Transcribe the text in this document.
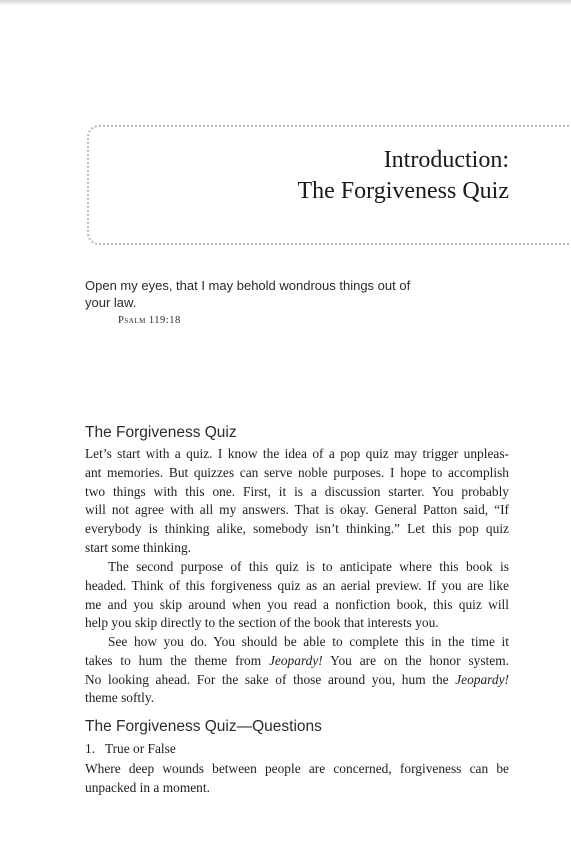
Introduction:
The Forgiveness Quiz
Open my eyes, that I may behold wondrous things out of
your law.
Psalm 119:18
The Forgiveness Quiz
Let’s start with a quiz. I know the idea of a pop quiz may trigger unpleas-
ant memories. But quizzes can serve noble purposes. I hope to accomplish
two things with this one. First, it is a discussion starter. You probably
will not agree with all my answers. That is okay. General Patton said, “If
everybody is thinking alike, somebody isn’t thinking.” Let this pop quiz
start some thinking.
The second purpose of this quiz is to anticipate where this book is
headed. Think of this forgiveness quiz as an aerial preview. If you are like
me and you skip around when you read a nonfiction book, this quiz will
help you skip directly to the section of the book that interests you.
See how you do. You should be able to complete this in the time it
takes to hum the theme from Jeopardy! You are on the honor system.
No looking ahead. For the sake of those around you, hum the Jeopardy!
theme softly.
The Forgiveness Quiz—Questions
1. True or False
Where deep wounds between people are concerned, forgiveness can be
unpacked in a moment.
